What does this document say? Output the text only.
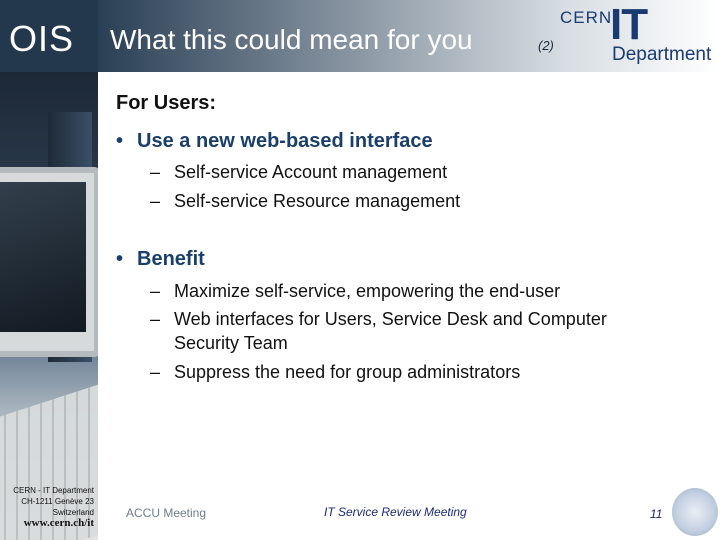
OIS What this could mean for you	(2)
CERN
IT
Department
For Users:
• Use a new web-based interface
– Self-service Account management
– Self-service Resource management
• Benefit
– Maximize self-service, empowering the end-user
– Web interfaces for Users, Service Desk and Computer
Security Team
– Suppress the need for group administrators
CERN - IT Department
CH-1211 Genève 23
Switzerland
www.cern.ch/it
ACCU Meeting	IT Service Review Meeting	11
